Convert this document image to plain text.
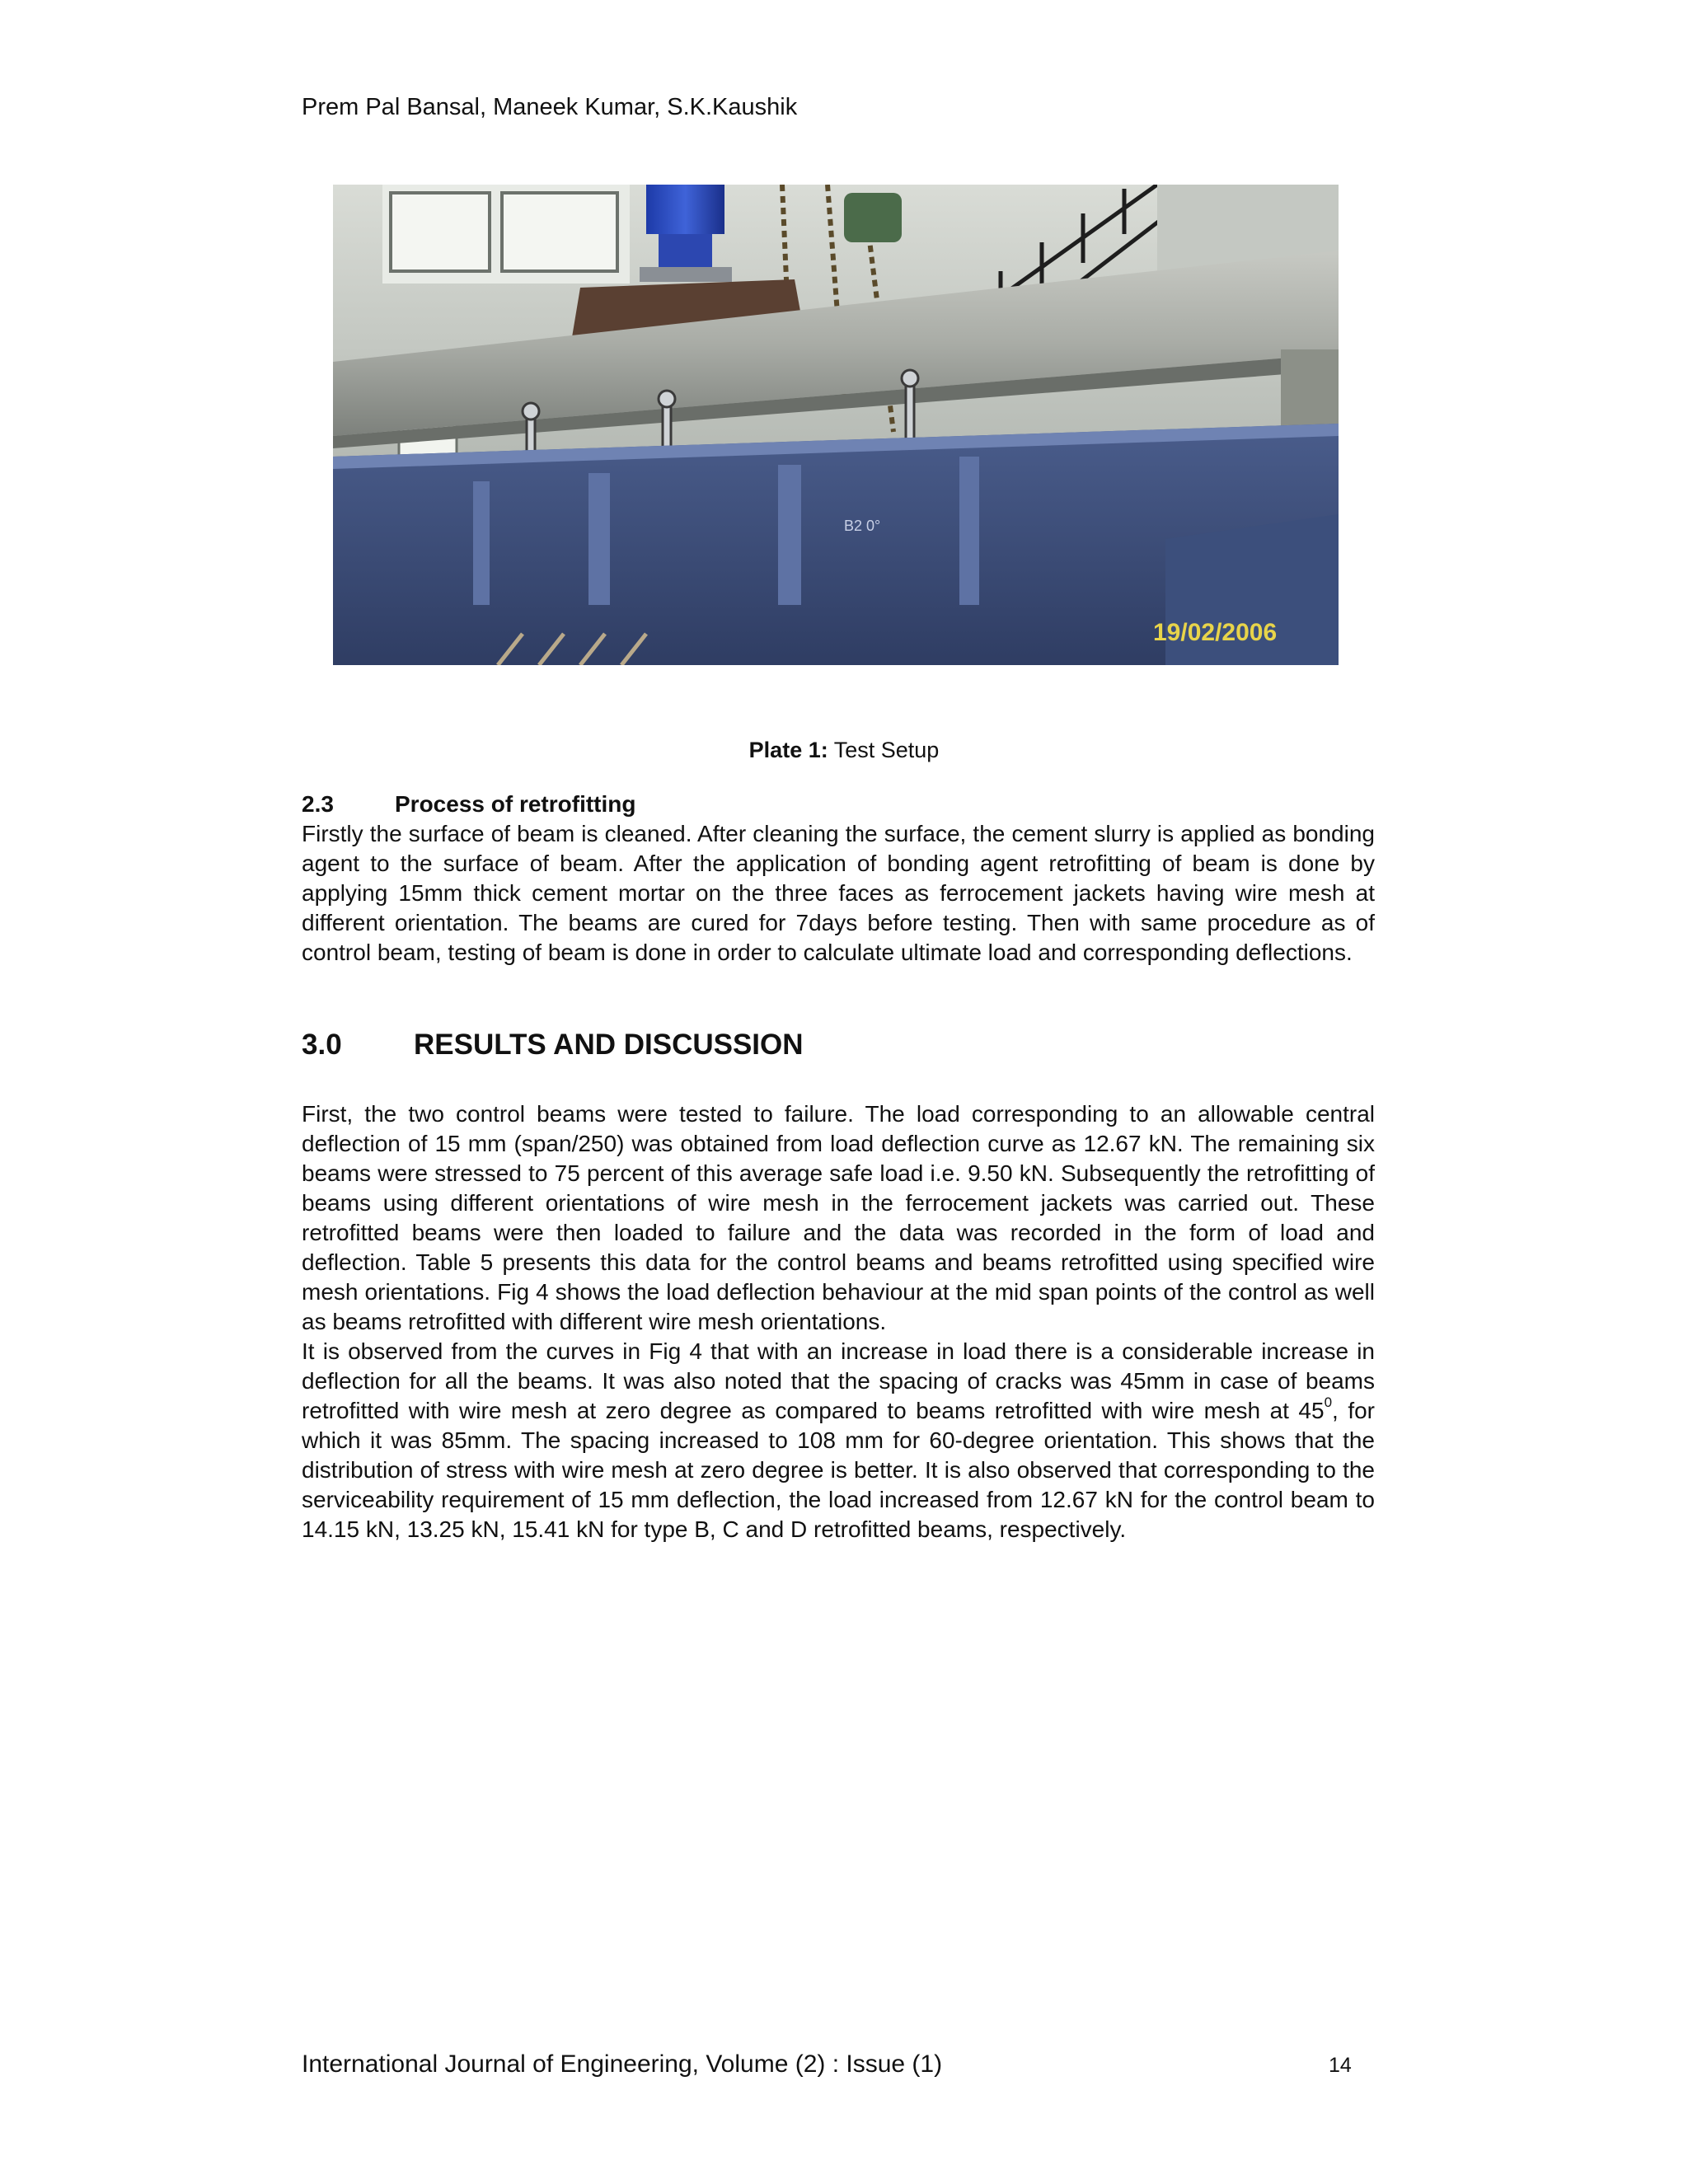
Prem Pal Bansal, Maneek Kumar, S.K.Kaushik
19/02/2006
B2 0°
Plate 1: Test Setup
2.3	Process of retrofitting

Firstly the surface of beam is cleaned. After cleaning the surface, the cement slurry is applied as bonding agent to the surface of beam. After the application of bonding agent retrofitting of beam is done by applying 15mm thick cement mortar on the three faces as ferrocement jackets having wire mesh at different orientation. The beams are cured for 7days before testing. Then with same procedure as of control beam, testing of beam is done in order to calculate ultimate load and corresponding deflections.

3.0	RESULTS AND DISCUSSION

First, the two control beams were tested to failure. The load corresponding to an allowable central deflection of 15 mm (span/250) was obtained from load deflection curve as 12.67 kN. The remaining six beams were stressed to 75 percent of this average safe load i.e. 9.50 kN. Subsequently the retrofitting of beams using different orientations of wire mesh in the ferrocement jackets was carried out. These retrofitted beams were then loaded to failure and the data was recorded in the form of load and deflection. Table 5 presents this data for the control beams and beams retrofitted using specified wire mesh orientations. Fig 4 shows the load deflection behaviour at the mid span points of the control as well as beams retrofitted with different wire mesh orientations.

It is observed from the curves in Fig 4 that with an increase in load there is a considerable increase in deflection for all the beams. It was also noted that the spacing of cracks was 45mm in case of beams retrofitted with wire mesh at zero degree as compared to beams retrofitted with wire mesh at $45^0$, for which it was 85mm. The spacing increased to 108 mm for 60-degree orientation. This shows that the distribution of stress with wire mesh at zero degree is better. It is also observed that corresponding to the serviceability requirement of 15 mm deflection, the load increased from 12.67 kN for the control beam to 14.15 kN, 13.25 kN, 15.41 kN for type B, C and D retrofitted beams, respectively.

International Journal of Engineering, Volume (2) : Issue (1)	14
